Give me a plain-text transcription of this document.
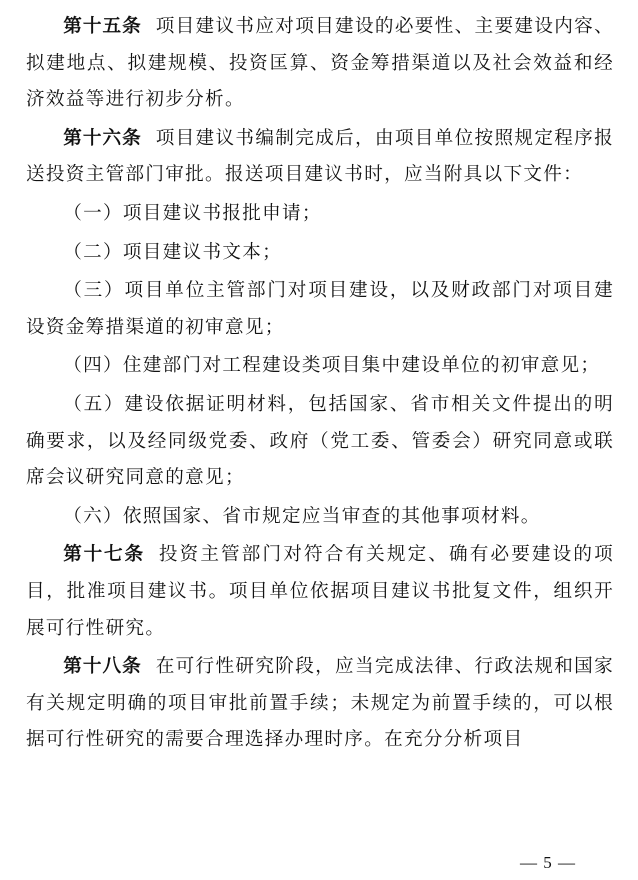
第十五条 项目建议书应对项目建设的必要性、主要建设内容、拟建地点、拟建规模、投资匡算、资金筹措渠道以及社会效益和经济效益等进行初步分析。

第十六条 项目建议书编制完成后，由项目单位按照规定程序报送投资主管部门审批。报送项目建议书时，应当附具以下文件：

（一）项目建议书报批申请；

（二）项目建议书文本；

（三）项目单位主管部门对项目建设，以及财政部门对项目建设资金筹措渠道的初审意见；

（四）住建部门对工程建设类项目集中建设单位的初审意见；

（五）建设依据证明材料，包括国家、省市相关文件提出的明确要求，以及经同级党委、政府（党工委、管委会）研究同意或联席会议研究同意的意见；

（六）依照国家、省市规定应当审查的其他事项材料。

第十七条 投资主管部门对符合有关规定、确有必要建设的项目，批准项目建议书。项目单位依据项目建议书批复文件，组织开展可行性研究。

第十八条 在可行性研究阶段，应当完成法律、行政法规和国家有关规定明确的项目审批前置手续；未规定为前置手续的，可以根据可行性研究的需要合理选择办理时序。在充分分析项目

— 5 —
